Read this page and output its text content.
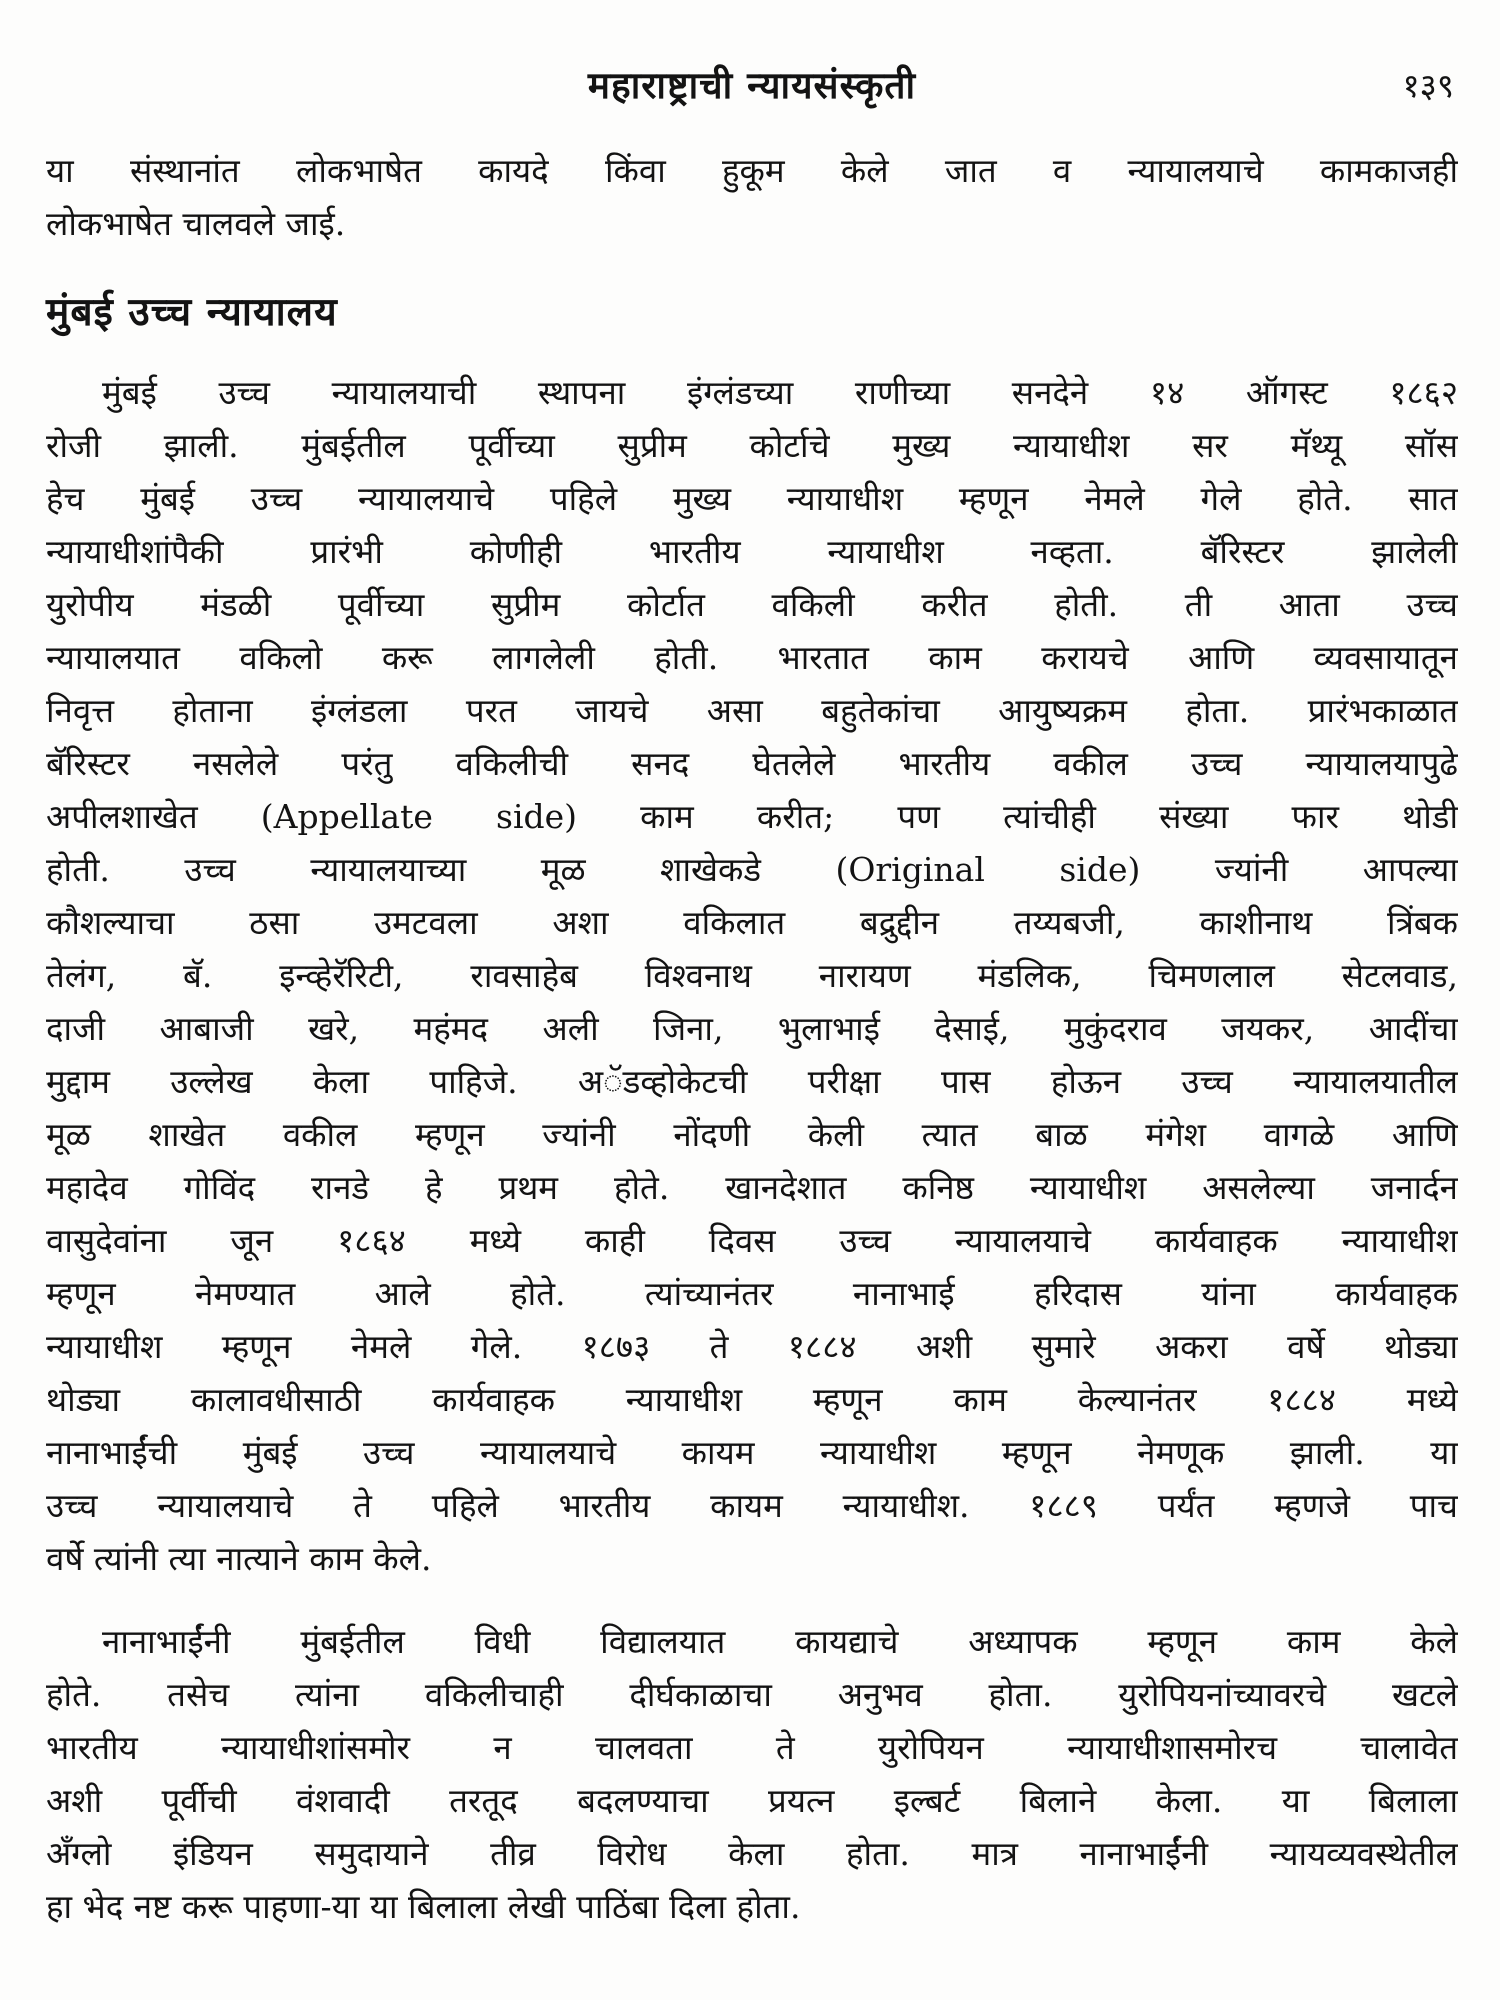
महाराष्ट्राची न्यायसंस्कृती	१३९
या संस्थानांत लोकभाषेत कायदे किंवा हुकूम केले जात व न्यायालयाचे कामकाजही
लोकभाषेत चालवले जाई.
मुंबई उच्च न्यायालय
मुंबई उच्च न्यायालयाची स्थापना इंग्लंडच्या राणीच्या सनदेने १४ ऑगस्ट १८६२
रोजी झाली. मुंबईतील पूर्वीच्या सुप्रीम कोर्टाचे मुख्य न्यायाधीश सर मॅथ्यू सॉस
हेच मुंबई उच्च न्यायालयाचे पहिले मुख्य न्यायाधीश म्हणून नेमले गेले होते. सात
न्यायाधीशांपैकी प्रारंभी कोणीही भारतीय न्यायाधीश नव्हता. बॅरिस्टर झालेली
युरोपीय मंडळी पूर्वीच्या सुप्रीम कोर्टात वकिली करीत होती. ती आता उच्च
न्यायालयात वकिलो करू लागलेली होती. भारतात काम करायचे आणि व्यवसायातून
निवृत्त होताना इंग्लंडला परत जायचे असा बहुतेकांचा आयुष्यक्रम होता. प्रारंभकाळात
बॅरिस्टर नसलेले परंतु वकिलीची सनद घेतलेले भारतीय वकील उच्च न्यायालयापुढे
अपीलशाखेत (Appellate side) काम करीत; पण त्यांचीही संख्या फार थोडी
होती. उच्च न्यायालयाच्या मूळ शाखेकडे (Original side) ज्यांनी आपल्या
कौशल्याचा ठसा उमटवला अशा वकिलात बद्रुद्दीन तय्यबजी, काशीनाथ त्रिंबक
तेलंग, बॅ. इन्व्हेरॅरिटी, रावसाहेब विश्वनाथ नारायण मंडलिक, चिमणलाल सेटलवाड,
दाजी आबाजी खरे, महंमद अली जिना, भुलाभाई देसाई, मुकुंदराव जयकर, आदींचा
मुद्दाम उल्लेख केला पाहिजे. अॅडव्होकेटची परीक्षा पास होऊन उच्च न्यायालयातील
मूळ शाखेत वकील म्हणून ज्यांनी नोंदणी केली त्यात बाळ मंगेश वागळे आणि
महादेव गोविंद रानडे हे प्रथम होते. खानदेशात कनिष्ठ न्यायाधीश असलेल्या जनार्दन
वासुदेवांना जून १८६४ मध्ये काही दिवस उच्च न्यायालयाचे कार्यवाहक न्यायाधीश
म्हणून नेमण्यात आले होते. त्यांच्यानंतर नानाभाई हरिदास यांना कार्यवाहक
न्यायाधीश म्हणून नेमले गेले. १८७३ ते १८८४ अशी सुमारे अकरा वर्षे थोड्या
थोड्या कालावधीसाठी कार्यवाहक न्यायाधीश म्हणून काम केल्यानंतर १८८४ मध्ये
नानाभाईंची मुंबई उच्च न्यायालयाचे कायम न्यायाधीश म्हणून नेमणूक झाली. या
उच्च न्यायालयाचे ते पहिले भारतीय कायम न्यायाधीश. १८८९ पर्यंत म्हणजे पाच
वर्षे त्यांनी त्या नात्याने काम केले.
नानाभाईंनी मुंबईतील विधी विद्यालयात कायद्याचे अध्यापक म्हणून काम केले
होते. तसेच त्यांना वकिलीचाही दीर्घकाळाचा अनुभव होता. युरोपियनांच्यावरचे खटले
भारतीय न्यायाधीशांसमोर न चालवता ते युरोपियन न्यायाधीशासमोरच चालावेत
अशी पूर्वीची वंशवादी तरतूद बदलण्याचा प्रयत्न इल्बर्ट बिलाने केला. या बिलाला
अँग्लो इंडियन समुदायाने तीव्र विरोध केला होता. मात्र नानाभाईंनी न्यायव्यवस्थेतील
हा भेद नष्ट करू पाहणा-या या बिलाला लेखी पाठिंबा दिला होता.
